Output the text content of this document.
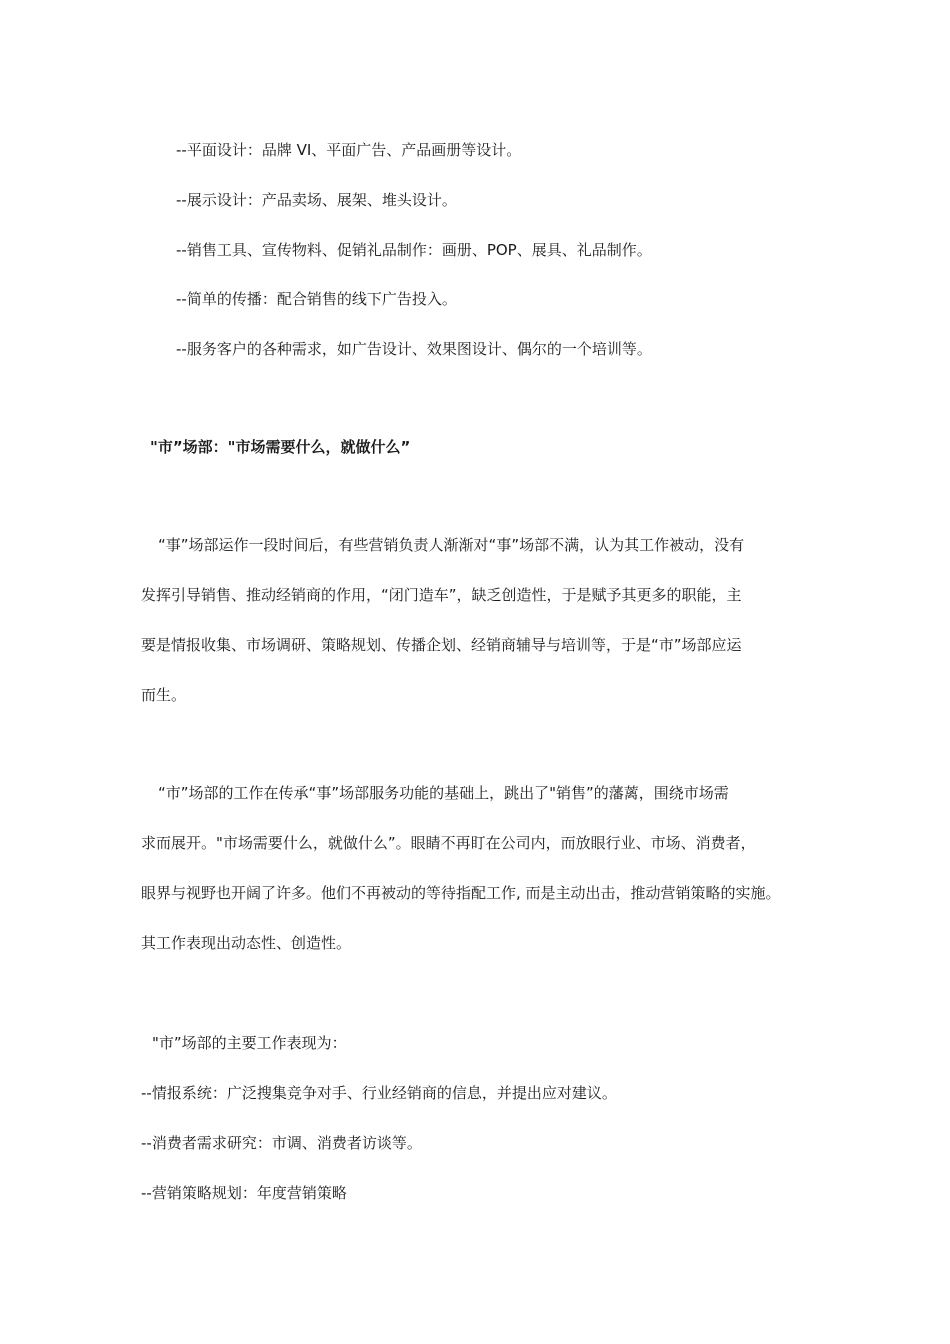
--平面设计：品牌 VI、平面广告、产品画册等设计。
--展示设计：产品卖场、展架、堆头设计。
--销售工具、宣传物料、促销礼品制作：画册、POP、展具、礼品制作。
--简单的传播：配合销售的线下广告投入。
--服务客户的各种需求，如广告设计、效果图设计、偶尔的一个培训等。
"市”场部："市场需要什么，就做什么”
“事”场部运作一段时间后，有些营销负责人渐渐对“事”场部不满，认为其工作被动，没有
发挥引导销售、推动经销商的作用，“闭门造车”，缺乏创造性，于是赋予其更多的职能，主
要是情报收集、市场调研、策略规划、传播企划、经销商辅导与培训等，于是“市”场部应运
而生。
“市”场部的工作在传承“事”场部服务功能的基础上，跳出了"销售”的藩蓠，围绕市场需
求而展开。"市场需要什么，就做什么”。眼睛不再盯在公司内，而放眼行业、市场、消费者，
眼界与视野也开阔了许多。他们不再被动的等待指配工作, 而是主动出击，推动营销策略的实施。
其工作表现出动态性、创造性。
"市”场部的主要工作表现为：
--情报系统：广泛搜集竞争对手、行业经销商的信息，并提出应对建议。
--消费者需求研究：市调、消费者访谈等。
--营销策略规划：年度营销策略
